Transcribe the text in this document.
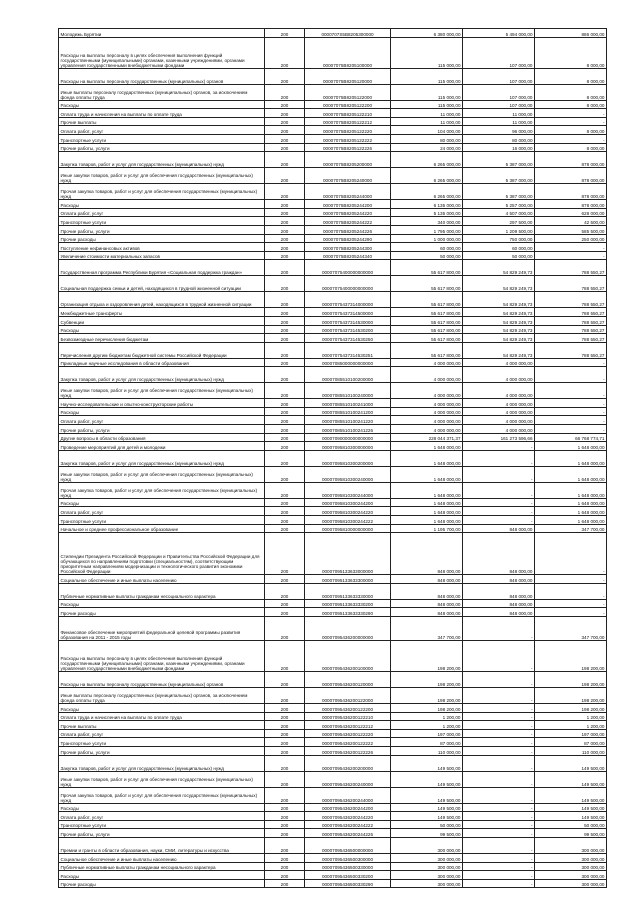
Молодежь Бурятии	200	0000707S5B8205300000	6 380 000,00	5 494 000,00	886 000,00
Расходы на выплаты персоналу в целях обеспечения выполнения функций государственными (муниципальными) органами, казенными учреждениями, органами управления государственными внебюджетными фондами	200	00007075В8205100000	115 000,00	107 000,00	8 000,00
Расходы на выплаты персоналу государственных (муниципальных) органов	200	00007075В8205120000	115 000,00	107 000,00	8 000,00
Иные выплаты персоналу государственных (муниципальных) органов, за исключением фонда оплаты труда	200	00007075В8205122000	115 000,00	107 000,00	8 000,00
Расходы	200	00007075В8205122200	115 000,00	107 000,00	8 000,00
Оплата труда и начисления на выплаты по оплате труда	200	00007075В8205122210	11 000,00	11 000,00	-
Прочие выплаты	200	00007075В8205122212	11 000,00	11 000,00	-
Оплата работ, услуг	200	00007075В8205122220	104 000,00	96 000,00	8 000,00
Транспортные услуги	200	00007075В8205122222	80 000,00	80 000,00	-
Прочие работы, услуги	200	00007075В8205122226	24 000,00	16 000,00	8 000,00
Закупка товаров, работ и услуг для государственных (муниципальных) нужд	200	00007075В8205200000	6 265 000,00	5 387 000,00	878 000,00
Иные закупки товаров, работ и услуг для обеспечения государственных (муниципальных) нужд	200	00007075В8205240000	6 265 000,00	5 387 000,00	878 000,00
Прочая закупка товаров, работ и услуг для обеспечения государственных (муниципальных) нужд	200	00007075В8205244000	6 265 000,00	5 387 000,00	878 000,00
Расходы	200	00007075В8205244200	6 135 000,00	5 257 000,00	878 000,00
Оплата работ, услуг	200	00007075В8205244220	5 135 000,00	4 507 000,00	628 000,00
Транспортные услуги	200	00007075В8205244222	340 000,00	297 500,00	42 500,00
Прочие работы, услуги	200	00007075В8205244226	1 795 000,00	1 209 500,00	585 500,00
Прочие расходы	200	00007075В8205244290	1 000 000,00	750 000,00	250 000,00
Поступление нефинансовых активов	200	00007075В8205244300	60 000,00	60 000,00	-
Увеличение стоимости материальных запасов	200	00007075В8205244340	50 000,00	50 000,00	-
Государственная программа Республики Бурятия «Социальная поддержка граждан»	200	00007075400000000000	55 617 800,00	54 829 249,73	788 550,27
Социальная поддержка семьи и детей, находящихся в трудной жизненной ситуации	200	00007075400000000000	55 617 800,00	54 829 249,73	788 550,27
Организация отдыха и оздоровления детей, находящихся в трудной жизненной ситуации	200	00007075437314000000	55 617 800,00	54 829 249,73	788 550,27
Межбюджетные трансферты	200	00007075437314500000	55 617 800,00	54 829 249,73	788 550,27
Субвенции	200	00007075437314530000	55 617 800,00	54 829 249,73	788 550,27
Расходы	200	00007075437314530200	55 617 800,00	54 829 249,73	788 550,27
Безвозмездные перечисления бюджетам	200	00007075437314530250	55 617 800,00	54 829 249,73	788 550,27
Перечисления другим бюджетам бюджетной системы Российской Федерации	200	00007075437314530251	55 617 800,00	54 829 249,73	788 550,27
Прикладные научные исследования в области образования	200	00007085000000000000	4 000 000,00	4 000 000,00	-
Закупка товаров, работ и услуг для государственных (муниципальных) нужд	200	00007085510100200000	4 000 000,00	4 000 000,00	-
Иные закупки товаров, работ и услуг для обеспечения государственных (муниципальных) нужд	200	00007085510100240000	4 000 000,00	4 000 000,00	-
Научно-исследовательские и опытно-конструкторские работы	200	00007085510100241000	4 000 000,00	4 000 000,00	-
Расходы	200	00007085510100241200	4 000 000,00	4 000 000,00	-
Оплата работ, услуг	200	00007085510100241220	4 000 000,00	4 000 000,00	-
Прочие работы, услуги	200	00007085510100241226	4 000 000,00	4 000 000,00	-
Другие вопросы в области образования	200	00007090000000000000	228 044 371,37	161 273 596,66	66 768 774,71
Проведение мероприятий для детей и молодежи	200	00007095810300000000	1 648 000,00	-	1 648 000,00
Закупка товаров, работ и услуг для государственных (муниципальных) нужд	200	00007095810300200000	1 648 000,00	-	1 648 000,00
Иные закупки товаров, работ и услуг для обеспечения государственных (муниципальных) нужд	200	00007095810300240000	1 648 000,00	-	1 648 000,00
Прочая закупка товаров, работ и услуг для обеспечения государственных (муниципальных) нужд	200	00007095810300244000	1 648 000,00	-	1 648 000,00
Расходы	200	00007095810300244200	1 648 000,00	-	1 648 000,00
Оплата работ, услуг	200	00007095810300244220	1 648 000,00	-	1 648 000,00
Транспортные услуги	200	00007095810300244222	1 648 000,00	-	1 648 000,00
Начальное и среднее профессиональное образование	200	00007095810000000000	1 195 700,00	848 000,00	347 700,00
Стипендии Президента Российской Федерации и Правительства Российской Федерации для обучающихся по направлениям подготовки (специальностям), соответствующим приоритетным направлениям модернизации и технологического развития экономики Российской Федерации	200	00007095133633000000	848 000,00	848 000,00	-
Социальное обеспечение и иные выплаты населению	200	00007095133633300000	848 000,00	848 000,00	-
Публичные нормативные выплаты гражданам несоциального характера	200	00007095133633330000	848 000,00	848 000,00	-
Расходы	200	00007095133633330200	848 000,00	848 000,00	-
Прочие расходы	200	00007095133633330290	848 000,00	848 000,00	-
Финансовое обеспечение мероприятий федеральной целевой программы развития образования на 2011 - 2015 годы	200	00007095436200000000	347 700,00	-	347 700,00
Расходы на выплаты персоналу в целях обеспечения выполнения функций государственными (муниципальными) органами, казенными учреждениями, органами управления государственными внебюджетными фондами	200	00007095436200100000	198 200,00	-	198 200,00
Расходы на выплаты персоналу государственных (муниципальных) органов	200	00007095436200120000	198 200,00	-	198 200,00
Иные выплаты персоналу государственных (муниципальных) органов, за исключением фонда оплаты труда	200	00007095436200122000	198 200,00	-	198 200,00
Расходы	200	00007095436200122200	198 200,00	-	198 200,00
Оплата труда и начисления на выплаты по оплате труда	200	00007095436200122210	1 200,00	-	1 200,00
Прочие выплаты	200	00007095436200122212	1 200,00	-	1 200,00
Оплата работ, услуг	200	00007095436200122220	197 000,00	-	197 000,00
Транспортные услуги	200	00007095436200122222	87 000,00	-	87 000,00
Прочие работы, услуги	200	00007095436200122226	110 000,00	-	110 000,00
Закупка товаров, работ и услуг для государственных (муниципальных) нужд	200	00007095436200200000	149 500,00	-	149 500,00
Иные закупки товаров, работ и услуг для обеспечения государственных (муниципальных) нужд	200	00007095436200240000	149 500,00	-	149 500,00
Прочая закупка товаров, работ и услуг для обеспечения государственных (муниципальных) нужд	200	00007095436200244000	149 500,00	-	149 500,00
Расходы	200	00007095436200244200	149 500,00	-	149 500,00
Оплата работ, услуг	200	00007095436200244220	149 500,00	-	149 500,00
Транспортные услуги	200	00007095436200244222	50 000,00	-	50 000,00
Прочие работы, услуги	200	00007095436200244226	99 500,00	-	99 500,00
Премии и гранты в области образования, науки, СМИ, литературы и искусства	200	00007095436500000000	300 000,00	-	300 000,00
Социальное обеспечение и иные выплаты населению	200	00007095436500300000	300 000,00	-	300 000,00
Публичные нормативные выплаты гражданам несоциального характера	200	00007095436500330000	300 000,00	-	300 000,00
Расходы	200	00007095436500330200	300 000,00	-	300 000,00
Прочие расходы	200	00007095436500330290	300 000,00	-	300 000,00
